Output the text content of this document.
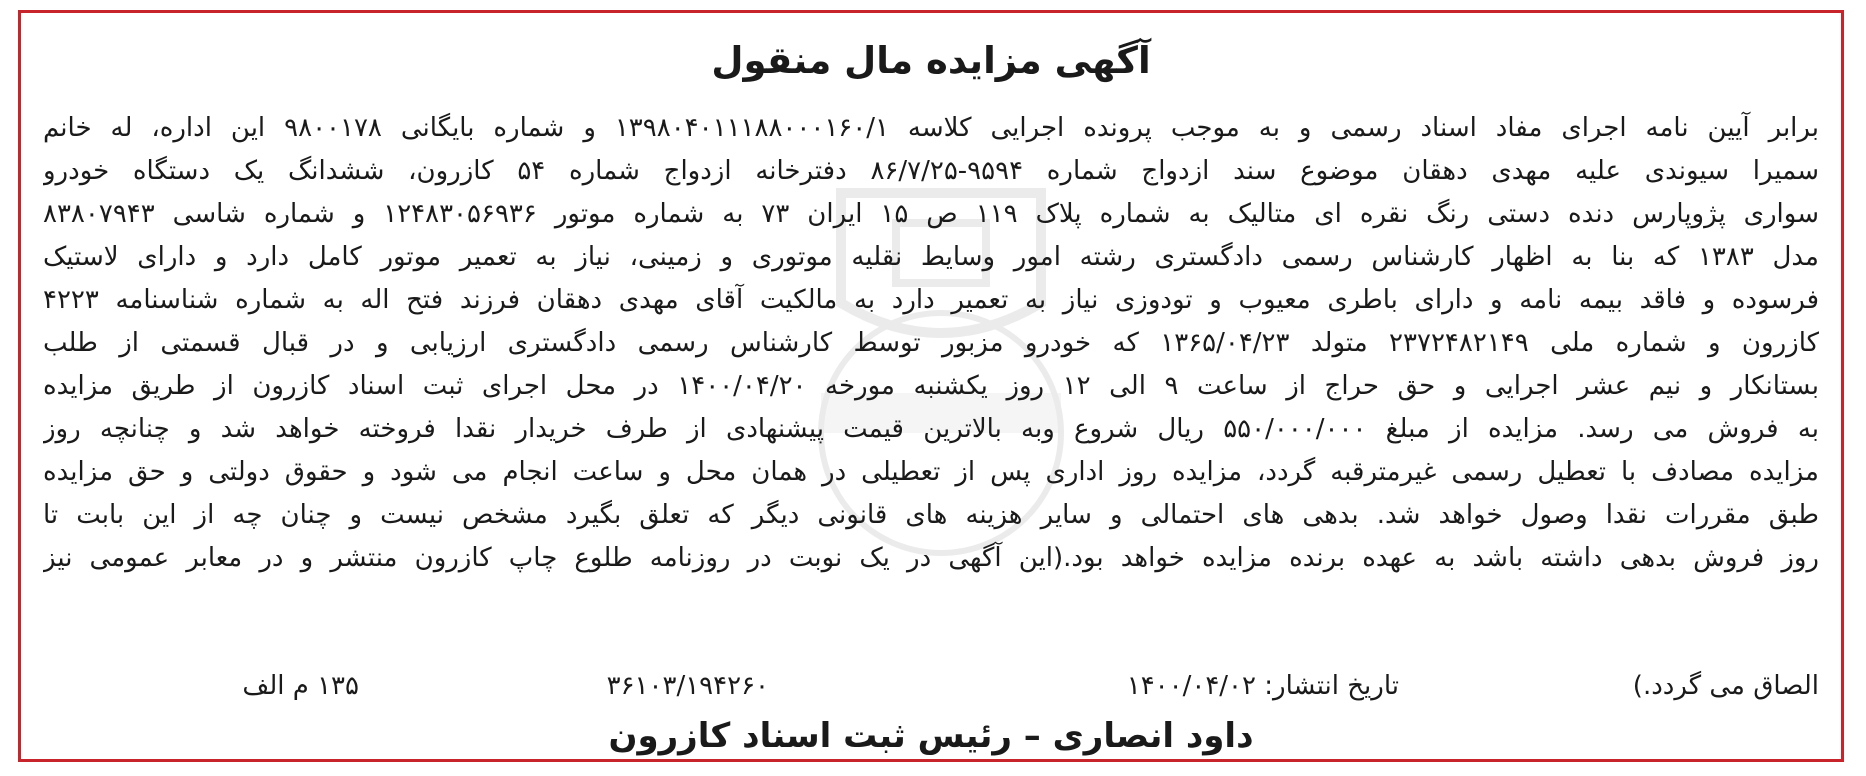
آگهی مزایده مال منقول
برابر آیین نامه اجرای مفاد اسناد رسمی و به موجب پرونده اجرایی کلاسه ۱۳۹۸۰۴۰۱۱۱۸۸۰۰۰۱۶۰/۱ و شماره بایگانی ۹۸۰۰۱۷۸ این اداره، له خانم
سمیرا سیوندی علیه مهدی دهقان موضوع سند ازدواج شماره ۹۵۹۴-۸۶/۷/۲۵ دفترخانه ازدواج شماره ۵۴ کازرون، ششدانگ یک دستگاه خودرو
سواری پژوپارس دنده دستی رنگ نقره ای متالیک به شماره پلاک ۱۱۹ ص ۱۵ ایران ۷۳ به شماره موتور ۱۲۴۸۳۰۵۶۹۳۶ و شماره شاسی ۸۳۸۰۷۹۴۳
مدل ۱۳۸۳ که بنا به اظهار کارشناس رسمی دادگستری رشته امور وسایط نقلیه موتوری و زمینی، نیاز به تعمیر موتور کامل دارد و دارای لاستیک
فرسوده و فاقد بیمه نامه و دارای باطری معیوب و تودوزی نیاز به تعمیر دارد به مالکیت آقای مهدی دهقان فرزند فتح اله به شماره شناسنامه ۴۲۲۳
کازرون و شماره ملی ۲۳۷۲۴۸۲۱۴۹ متولد ۱۳۶۵/۰۴/۲۳ که خودرو مزبور توسط کارشناس رسمی دادگستری ارزیابی و در قبال قسمتی از طلب
بستانکار و نیم عشر اجرایی و حق حراج از ساعت ۹ الی ۱۲ روز یکشنبه مورخه ۱۴۰۰/۰۴/۲۰ در محل اجرای ثبت اسناد کازرون از طریق مزایده
به فروش می رسد. مزایده از مبلغ ۵۵۰/۰۰۰/۰۰۰ ریال شروع وبه بالاترین قیمت پیشنهادی از طرف خریدار نقدا فروخته خواهد شد و چنانچه روز
مزایده مصادف با تعطیل رسمی غیرمترقبه گردد، مزایده روز اداری پس از تعطیلی در همان محل و ساعت انجام می شود و حقوق دولتی و حق مزایده
طبق مقررات نقدا وصول خواهد شد. بدهی های احتمالی و سایر هزینه های قانونی دیگر که تعلق بگیرد مشخص نیست و چنان چه از این بابت تا
روز فروش بدهی داشته باشد به عهده برنده مزایده خواهد بود.(این آگهی در یک نوبت در روزنامه طلوع چاپ کازرون منتشر و در معابر عمومی نیز
الصاق می گردد.)
تاریخ انتشار: ۱۴۰۰/۰۴/۰۲
۳۶۱۰۳/۱۹۴۲۶۰
۱۳۵ م الف
داود انصاری – رئیس ثبت اسناد کازرون
